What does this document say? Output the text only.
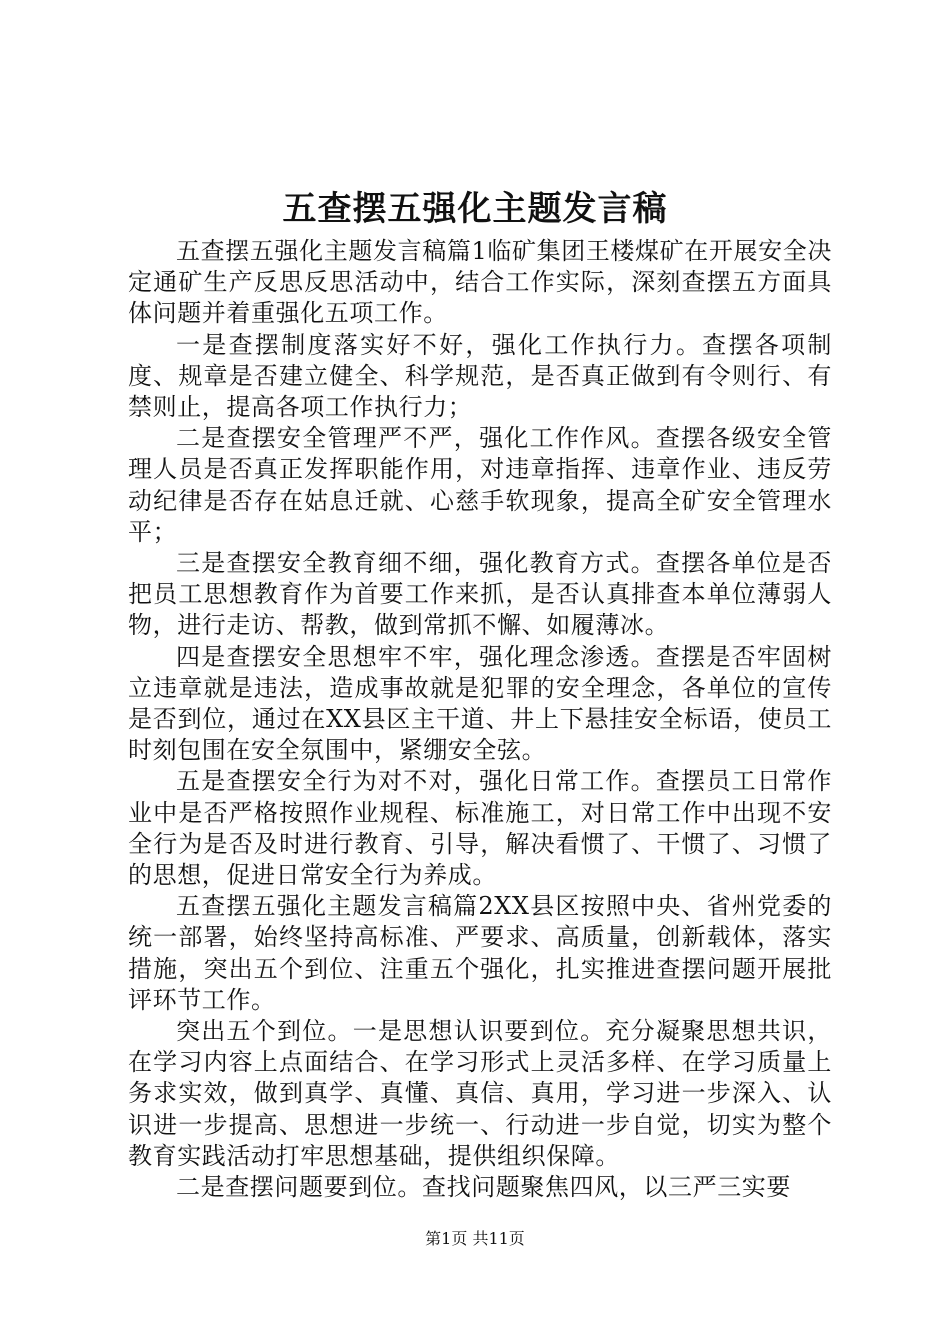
五查摆五强化主题发言稿

五查摆五强化主题发言稿篇1临矿集团王楼煤矿在开展安全决定通矿生产反思反思活动中，结合工作实际，深刻查摆五方面具体问题并着重强化五项工作。

一是查摆制度落实好不好，强化工作执行力。查摆各项制度、规章是否建立健全、科学规范，是否真正做到有令则行、有禁则止，提高各项工作执行力；

二是查摆安全管理严不严，强化工作作风。查摆各级安全管理人员是否真正发挥职能作用，对违章指挥、违章作业、违反劳动纪律是否存在姑息迁就、心慈手软现象，提高全矿安全管理水平；

三是查摆安全教育细不细，强化教育方式。查摆各单位是否把员工思想教育作为首要工作来抓，是否认真排查本单位薄弱人物，进行走访、帮教，做到常抓不懈、如履薄冰。

四是查摆安全思想牢不牢，强化理念渗透。查摆是否牢固树立违章就是违法，造成事故就是犯罪的安全理念，各单位的宣传是否到位，通过在XX县区主干道、井上下悬挂安全标语，使员工时刻包围在安全氛围中，紧绷安全弦。

五是查摆安全行为对不对，强化日常工作。查摆员工日常作业中是否严格按照作业规程、标准施工，对日常工作中出现不安全行为是否及时进行教育、引导，解决看惯了、干惯了、习惯了的思想，促进日常安全行为养成。

五查摆五强化主题发言稿篇2XX县区按照中央、省州党委的统一部署，始终坚持高标准、严要求、高质量，创新载体，落实措施，突出五个到位、注重五个强化，扎实推进查摆问题开展批评环节工作。

突出五个到位。一是思想认识要到位。充分凝聚思想共识，在学习内容上点面结合、在学习形式上灵活多样、在学习质量上务求实效，做到真学、真懂、真信、真用，学习进一步深入、认识进一步提高、思想进一步统一、行动进一步自觉，切实为整个教育实践活动打牢思想基础，提供组织保障。

二是查摆问题要到位。查找问题聚焦四风，以三严三实要

第1页 共11页
